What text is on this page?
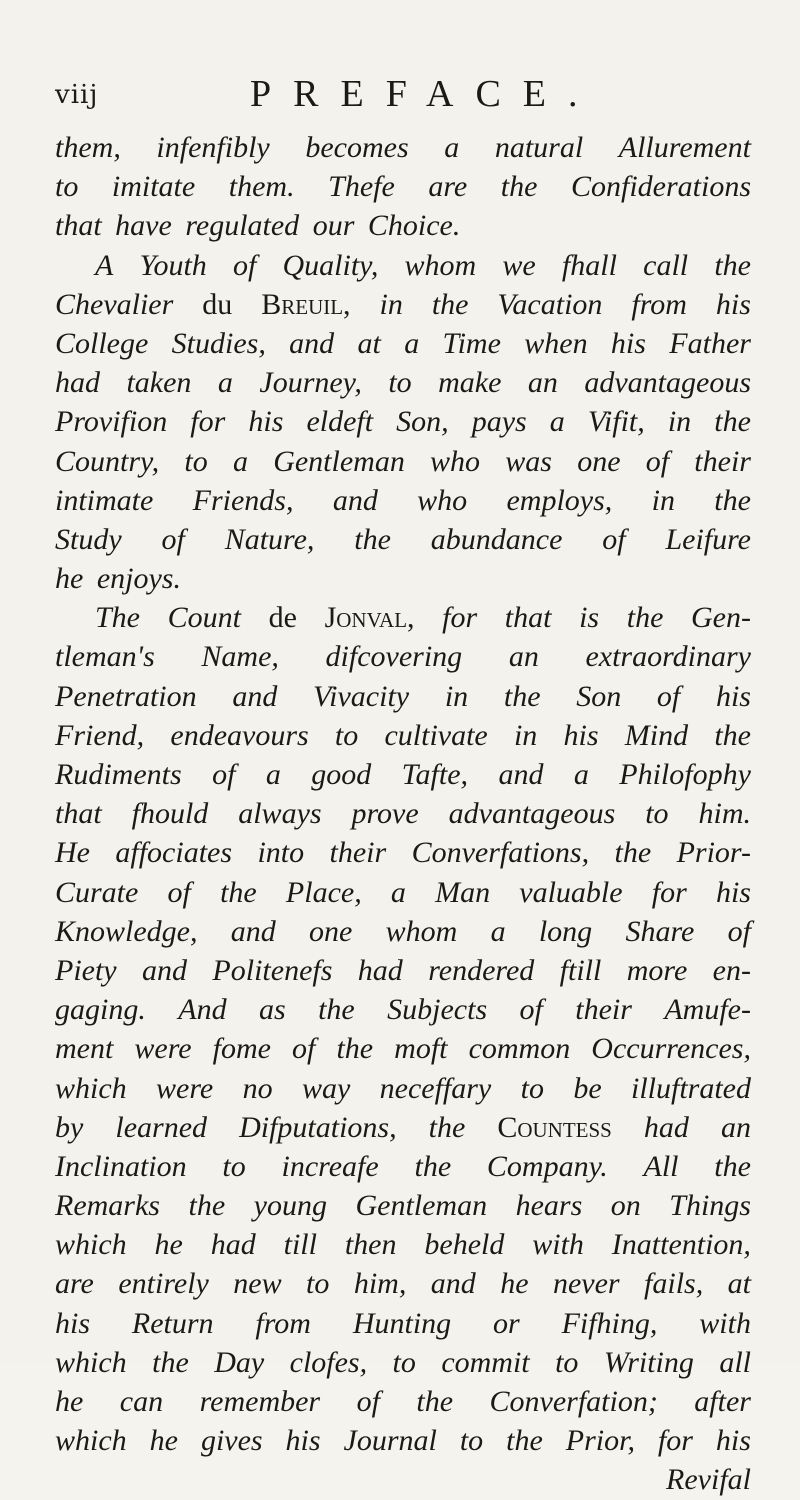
viij	PREFACE.
them, infenfibly becomes a natural Allurement
to imitate them. Thefe are the Confiderations
that have regulated our Choice.
A Youth of Quality, whom we fhall call the
Chevalier du Breuil, in the Vacation from his
College Studies, and at a Time when his Father
had taken a Journey, to make an advantageous
Provifion for his eldeft Son, pays a Vifit, in the
Country, to a Gentleman who was one of their
intimate Friends, and who employs, in the
Study of Nature, the abundance of Leifure
he enjoys.
The Count de Jonval, for that is the Gen-
tleman's Name, difcovering an extraordinary
Penetration and Vivacity in the Son of his
Friend, endeavours to cultivate in his Mind the
Rudiments of a good Tafte, and a Philofophy
that fhould always prove advantageous to him.
He affociates into their Converfations, the Prior-
Curate of the Place, a Man valuable for his
Knowledge, and one whom a long Share of
Piety and Politenefs had rendered ftill more en-
gaging. And as the Subjects of their Amufe-
ment were fome of the moft common Occurrences,
which were no way neceffary to be illuftrated
by learned Difputations, the Countess had an
Inclination to increafe the Company. All the
Remarks the young Gentleman hears on Things
which he had till then beheld with Inattention,
are entirely new to him, and he never fails, at
his Return from Hunting or Fifhing, with
which the Day clofes, to commit to Writing all
he can remember of the Converfation; after
which he gives his Journal to the Prior, for his
Revifal
